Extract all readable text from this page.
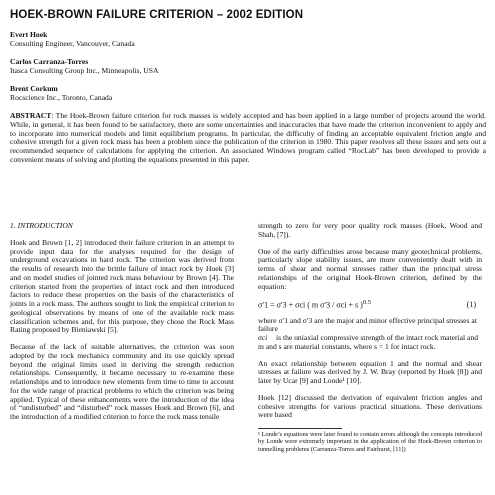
HOEK-BROWN FAILURE CRITERION – 2002 EDITION
Evert Hoek
Consulting Engineer, Vancouver, Canada
Carlos Carranza-Torres
Itasca Consulting Group Inc., Minneapolis, USA
Brent Corkum
Rocscience Inc., Toronto, Canada
ABSTRACT: The Hoek-Brown failure criterion for rock masses is widely accepted and has been applied in a large number of projects around the world. While, in general, it has been found to be satisfactory, there are some uncertainties and inaccuracies that have made the criterion inconvenient to apply and to incorporate into numerical models and limit equilibrium programs. In particular, the difficulty of finding an acceptable equivalent friction angle and cohesive strength for a given rock mass has been a problem since the publication of the criterion in 1980. This paper resolves all these issues and sets out a recommended sequence of calculations for applying the criterion. An associated Windows program called “RocLab” has been developed to provide a convenient means of solving and plotting the equations presented in this paper.

1. INTRODUCTION

Hoek and Brown [1, 2] introduced their failure criterion in an attempt to provide input data for the analyses required for the design of underground excavations in hard rock. The criterion was derived from the results of research into the brittle failure of intact rock by Hoek [3] and on model studies of jointed rock mass behaviour by Brown [4]. The criterion started from the properties of intact rock and then introduced factors to reduce these properties on the basis of the characteristics of joints in a rock mass. The authors sought to link the empirical criterion to geological observations by means of one of the available rock mass classification schemes and, for this purpose, they chose the Rock Mass Rating proposed by Bieniawski [5].

Because of the lack of suitable alternatives, the criterion was soon adopted by the rock mechanics community and its use quickly spread beyond the original limits used in deriving the strength reduction relationships. Consequently, it became necessary to re-examine these relationships and to introduce new elements from time to time to account for the wide range of practical problems to which the criterion was being applied. Typical of these enhancements were the introduction of the idea of “undisturbed” and “disturbed” rock masses Hoek and Brown [6], and the introduction of a modified criterion to force the rock mass tensile

strength to zero for very poor quality rock masses (Hoek, Wood and Shah, [7]).

One of the early difficulties arose because many geotechnical problems, particularly slope stability issues, are more conveniently dealt with in terms of shear and normal stresses rather than the principal stress relationships of the original Hoek-Brown criterion, defined by the equation:

σ′1 = σ′3 + σci ( m σ′3 / σci + s )$^{0.5}$	(1)
where σ′1 and σ′3 are the major and minor effective principal stresses at failure
σci	is the uniaxial compressive strength of the intact rock material and
m and s are material constants, where s = 1 for intact rock.

An exact relationship between equation 1 and the normal and shear stresses at failure was derived by J. W. Bray (reported by Hoek [8]) and later by Ucar [9] and Londe¹ [10].

Hoek [12] discussed the derivation of equivalent friction angles and cohesive strengths for various practical situations. These derivations were based

¹ Londe’s equations were later found to contain errors although the concepts introduced by Londe were extremely important in the application of the Hoek-Brown criterion to tunnelling problems (Carranza-Torres and Fairhurst, [11])
